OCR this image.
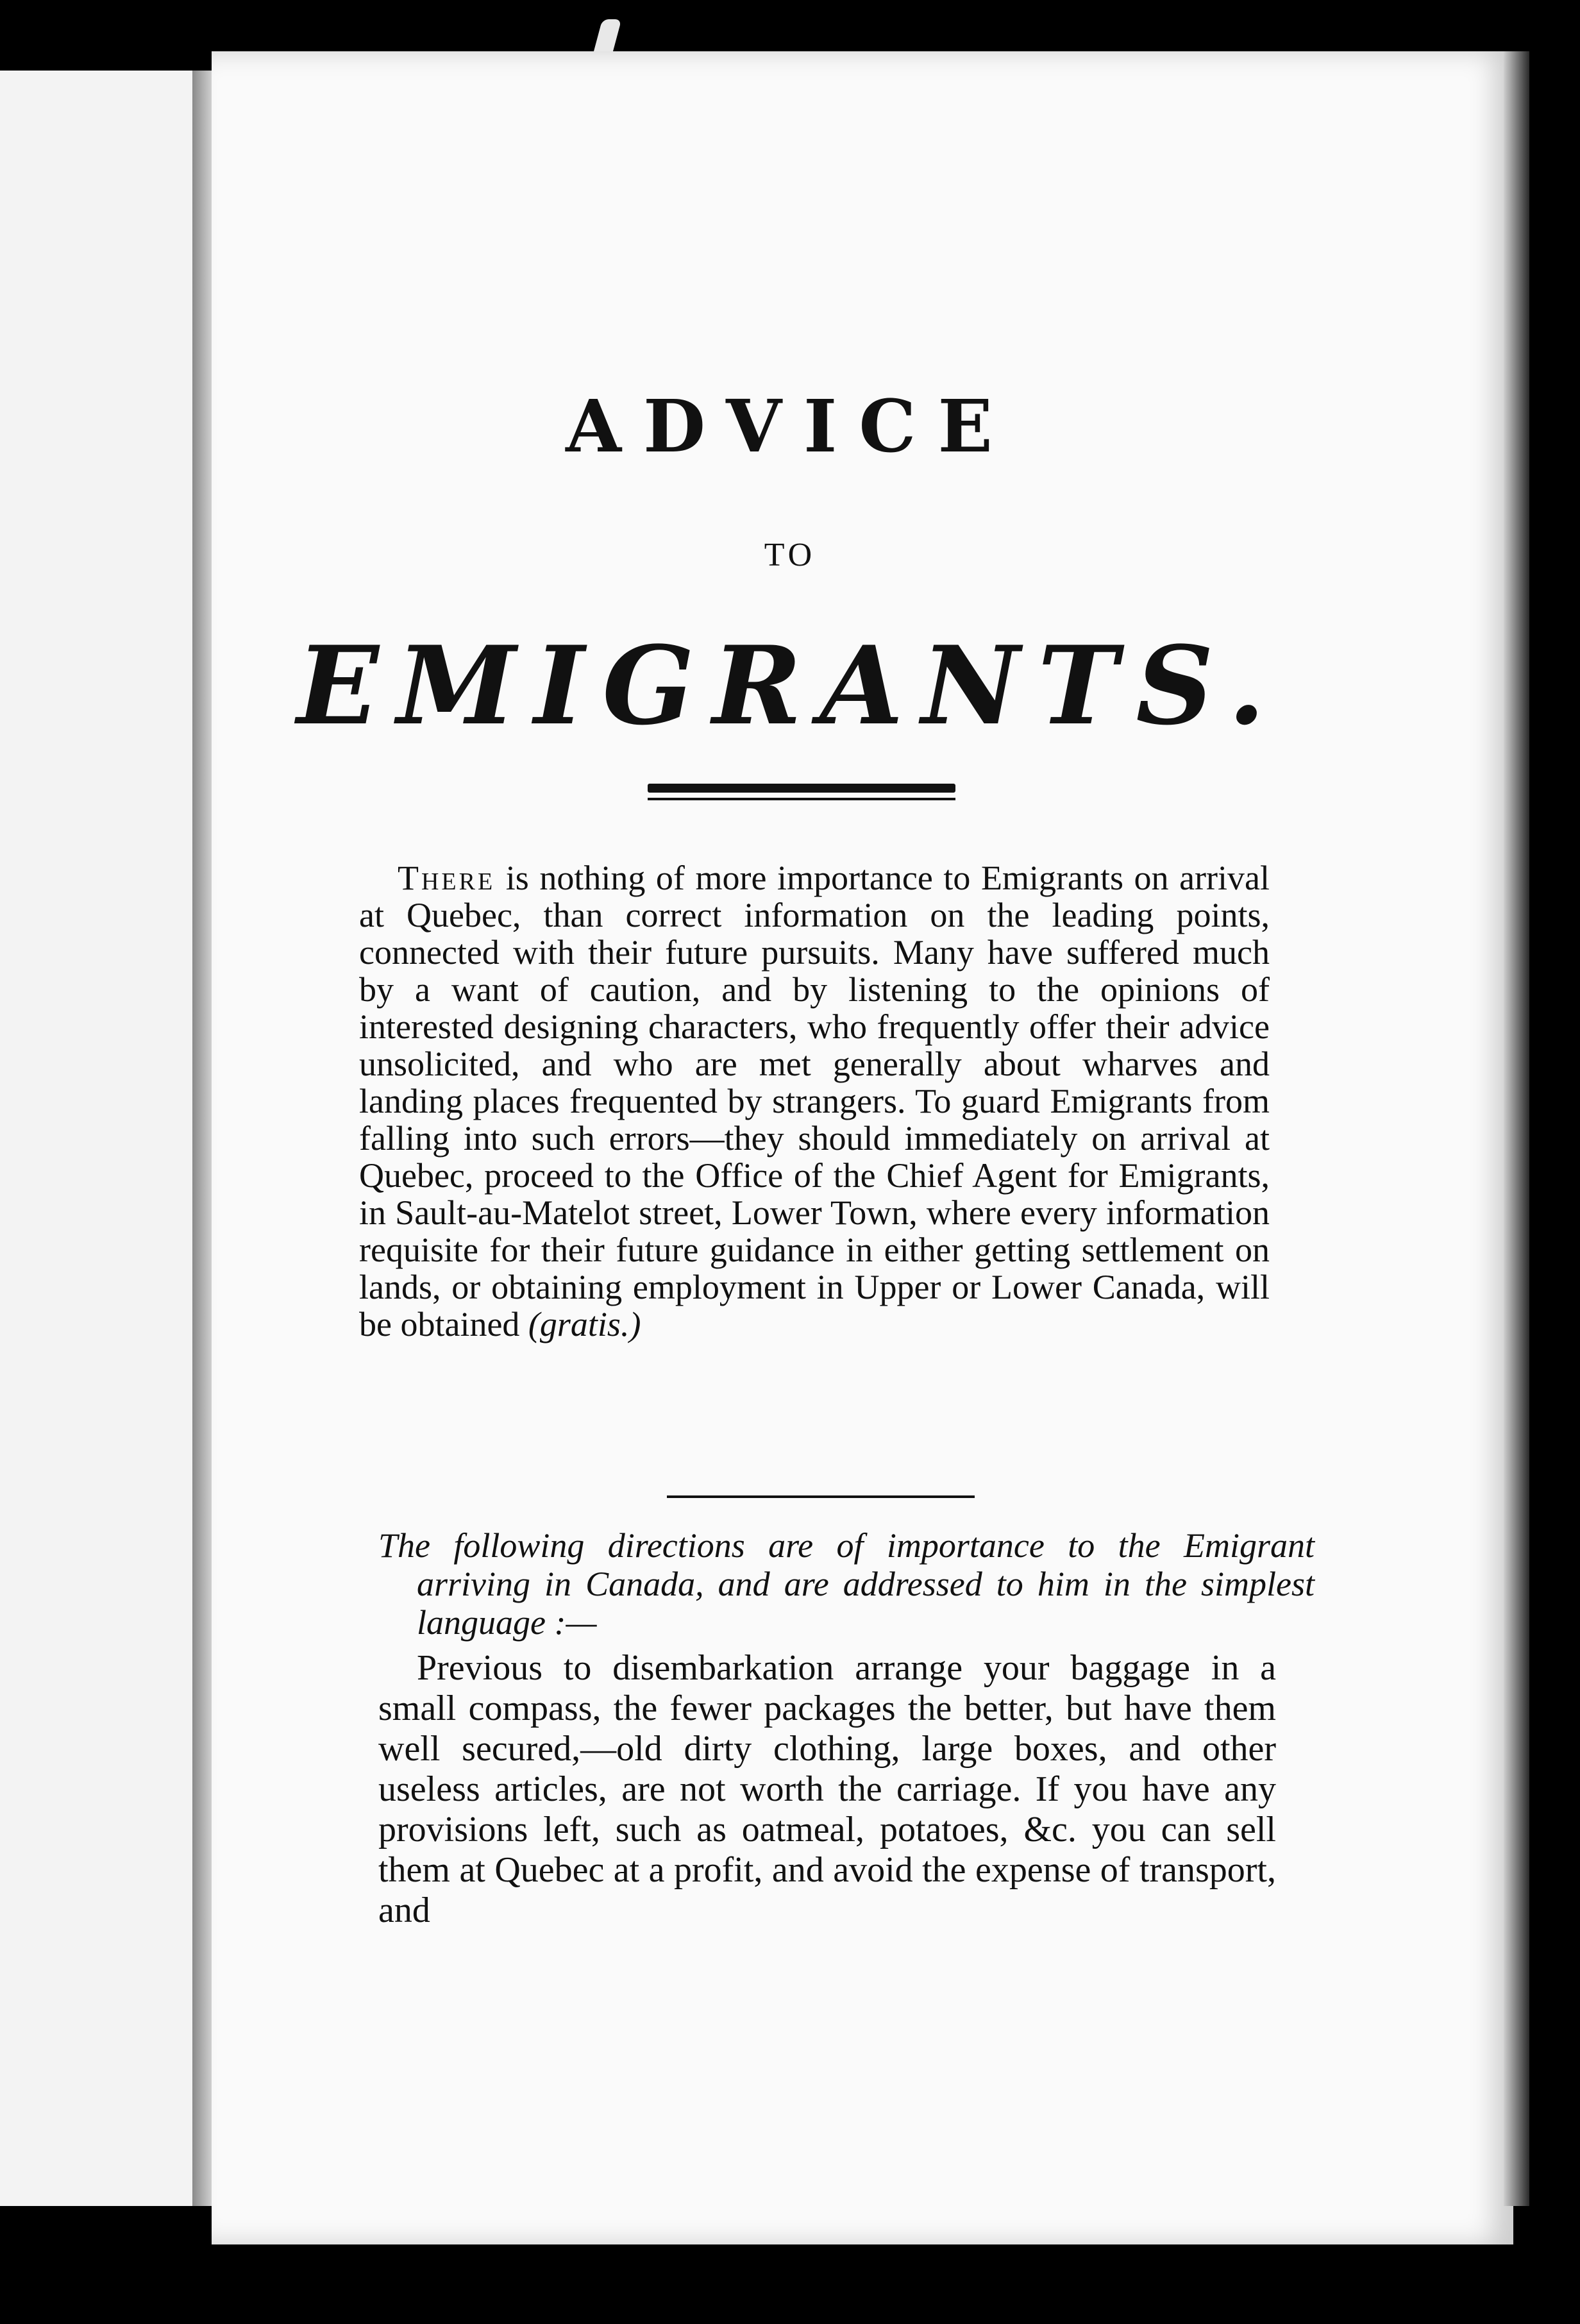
ADVICE
TO
EMIGRANTS.
There is nothing of more importance to Emigrants on arrival at Quebec, than correct information on the leading points, connected with their future pursuits. Many have suffered much by a want of caution, and by listening to the opinions of interested designing characters, who frequently offer their advice unsolicited, and who are met generally about wharves and landing places frequented by strangers. To guard Emigrants from falling into such errors—they should immediately on arrival at Quebec, proceed to the Office of the Chief Agent for Emigrants, in Sault-au-Matelot street, Lower Town, where every information requisite for their future guidance in either getting settlement on lands, or obtaining employment in Upper or Lower Canada, will be obtained (gratis.)
The following directions are of importance to the Emigrant arriving in Canada, and are addressed to him in the simplest language :—
Previous to disembarkation arrange your baggage in a small compass, the fewer packages the better, but have them well secured,—old dirty clothing, large boxes, and other useless articles, are not worth the carriage. If you have any provisions left, such as oatmeal, potatoes, &c. you can sell them at Quebec at a profit, and avoid the expense of transport, and
